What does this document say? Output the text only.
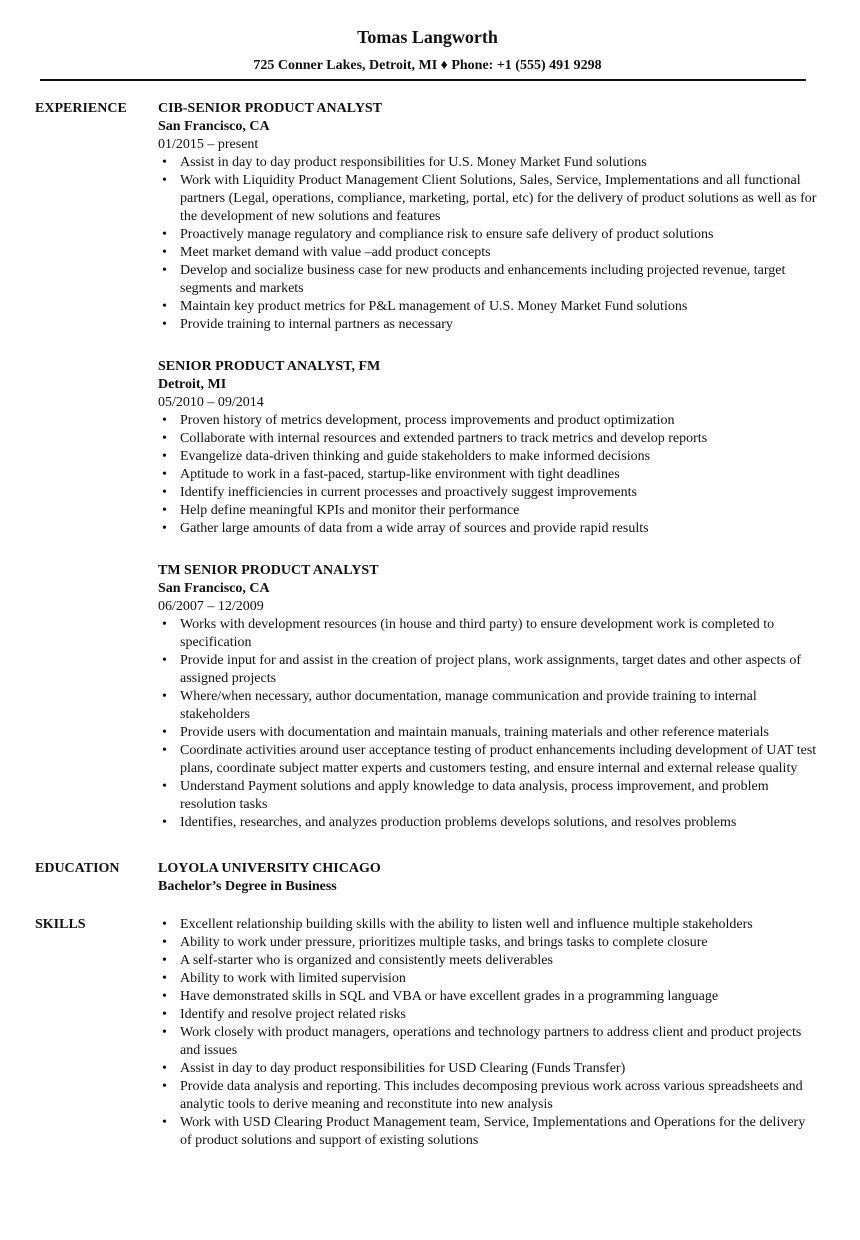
Tomas Langworth
725 Conner Lakes, Detroit, MI ♦ Phone: +1 (555) 491 9298
EXPERIENCE	CIB-SENIOR PRODUCT ANALYST
San Francisco, CA
01/2015 – present
• Assist in day to day product responsibilities for U.S. Money Market Fund solutions
• Work with Liquidity Product Management Client Solutions, Sales, Service, Implementations and all functional partners (Legal, operations, compliance, marketing, portal, etc) for the delivery of product solutions as well as for the development of new solutions and features
• Proactively manage regulatory and compliance risk to ensure safe delivery of product solutions
• Meet market demand with value –add product concepts
• Develop and socialize business case for new products and enhancements including projected revenue, target segments and markets
• Maintain key product metrics for P&L management of U.S. Money Market Fund solutions
• Provide training to internal partners as necessary
SENIOR PRODUCT ANALYST, FM
Detroit, MI
05/2010 – 09/2014
• Proven history of metrics development, process improvements and product optimization
• Collaborate with internal resources and extended partners to track metrics and develop reports
• Evangelize data-driven thinking and guide stakeholders to make informed decisions
• Aptitude to work in a fast-paced, startup-like environment with tight deadlines
• Identify inefficiencies in current processes and proactively suggest improvements
• Help define meaningful KPIs and monitor their performance
• Gather large amounts of data from a wide array of sources and provide rapid results
TM SENIOR PRODUCT ANALYST
San Francisco, CA
06/2007 – 12/2009
• Works with development resources (in house and third party) to ensure development work is completed to specification
• Provide input for and assist in the creation of project plans, work assignments, target dates and other aspects of assigned projects
• Where/when necessary, author documentation, manage communication and provide training to internal stakeholders
• Provide users with documentation and maintain manuals, training materials and other reference materials
• Coordinate activities around user acceptance testing of product enhancements including development of UAT test plans, coordinate subject matter experts and customers testing, and ensure internal and external release quality
• Understand Payment solutions and apply knowledge to data analysis, process improvement, and problem resolution tasks
• Identifies, researches, and analyzes production problems develops solutions, and resolves problems
EDUCATION	LOYOLA UNIVERSITY CHICAGO
Bachelor’s Degree in Business
SKILLS
•	Excellent relationship building skills with the ability to listen well and influence multiple stakeholders
• Ability to work under pressure, prioritizes multiple tasks, and brings tasks to complete closure
• A self-starter who is organized and consistently meets deliverables
• Ability to work with limited supervision
• Have demonstrated skills in SQL and VBA or have excellent grades in a programming language
• Identify and resolve project related risks
• Work closely with product managers, operations and technology partners to address client and product projects and issues
• Assist in day to day product responsibilities for USD Clearing (Funds Transfer)
• Provide data analysis and reporting. This includes decomposing previous work across various spreadsheets and analytic tools to derive meaning and reconstitute into new analysis
• Work with USD Clearing Product Management team, Service, Implementations and Operations for the delivery of product solutions and support of existing solutions
